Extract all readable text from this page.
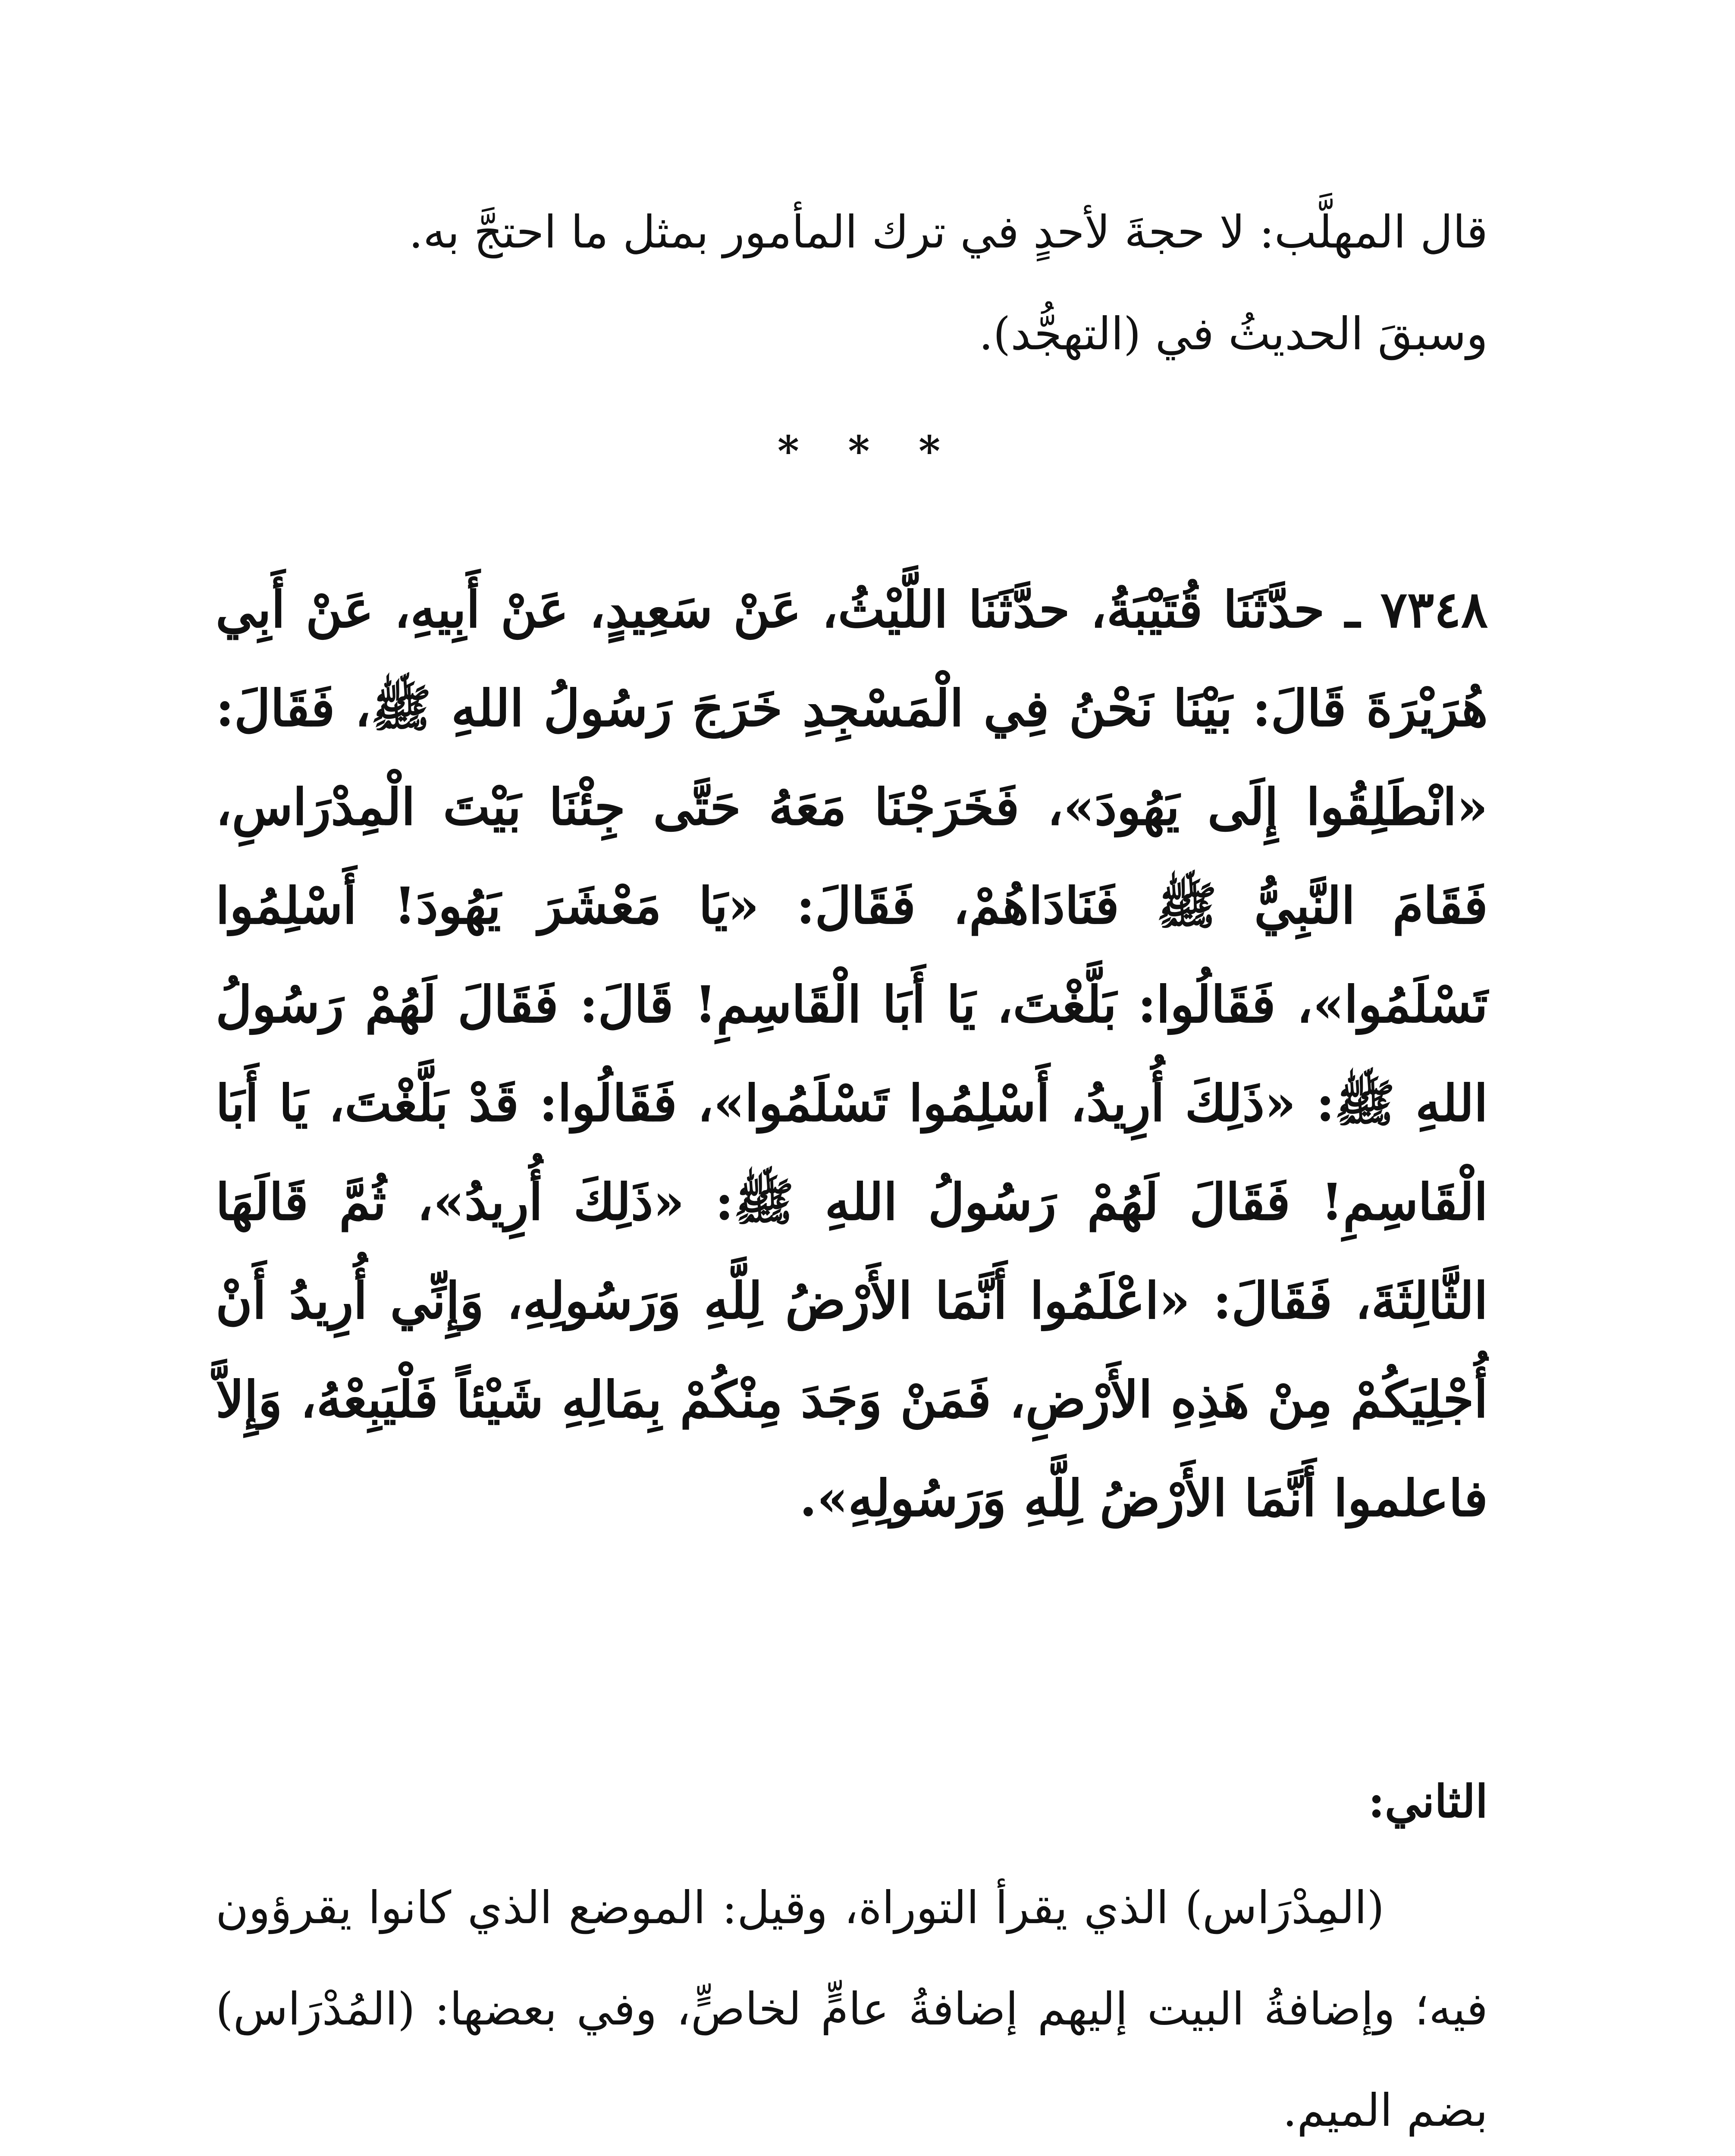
قال المهلَّب: لا حجةَ لأحدٍ في ترك المأمور بمثل ما احتجَّ به.

وسبقَ الحديثُ في (التهجُّد).

* * *

٧٣٤٨ ـ حدَّثَنَا قُتَيْبَةُ، حدَّثَنَا اللَّيْثُ، عَنْ سَعِيدٍ، عَنْ أَبِيهِ، عَنْ أَبِي هُرَيْرَةَ قَالَ: بَيْنَا نَحْنُ فِي الْمَسْجِدِ خَرَجَ رَسُولُ اللهِ ﷺ، فَقَالَ: «انْطَلِقُوا إِلَى يَهُودَ»، فَخَرَجْنَا مَعَهُ حَتَّى جِئْنَا بَيْتَ الْمِدْرَاسِ، فَقَامَ النَّبِيُّ ﷺ فَنَادَاهُمْ، فَقَالَ: «يَا مَعْشَرَ يَهُودَ! أَسْلِمُوا تَسْلَمُوا»، فَقَالُوا: بَلَّغْتَ، يَا أَبَا الْقَاسِمِ! قَالَ: فَقَالَ لَهُمْ رَسُولُ اللهِ ﷺ: «ذَلِكَ أُرِيدُ، أَسْلِمُوا تَسْلَمُوا»، فَقَالُوا: قَدْ بَلَّغْتَ، يَا أَبَا الْقَاسِمِ! فَقَالَ لَهُمْ رَسُولُ اللهِ ﷺ: «ذَلِكَ أُرِيدُ»، ثُمَّ قَالَهَا الثَّالِثَةَ، فَقَالَ: «اعْلَمُوا أَنَّمَا الأَرْضُ لِلَّهِ وَرَسُولِهِ، وَإِنِّي أُرِيدُ أَنْ أُجْلِيَكُمْ مِنْ هَذِهِ الأَرْضِ، فَمَنْ وَجَدَ مِنْكُمْ بِمَالِهِ شَيْئاً فَلْيَبِعْهُ، وَإِلاَّ فاعلموا أَنَّمَا الأَرْضُ لِلَّهِ وَرَسُولِهِ».

الثاني:

(المِدْرَاس) الذي يقرأ التوراة، وقيل: الموضع الذي كانوا يقرؤون فيه؛ وإضافةُ البيت إليهم إضافةُ عامٍّ لخاصٍّ، وفي بعضها: (المُدْرَاس) بضم الميم.
